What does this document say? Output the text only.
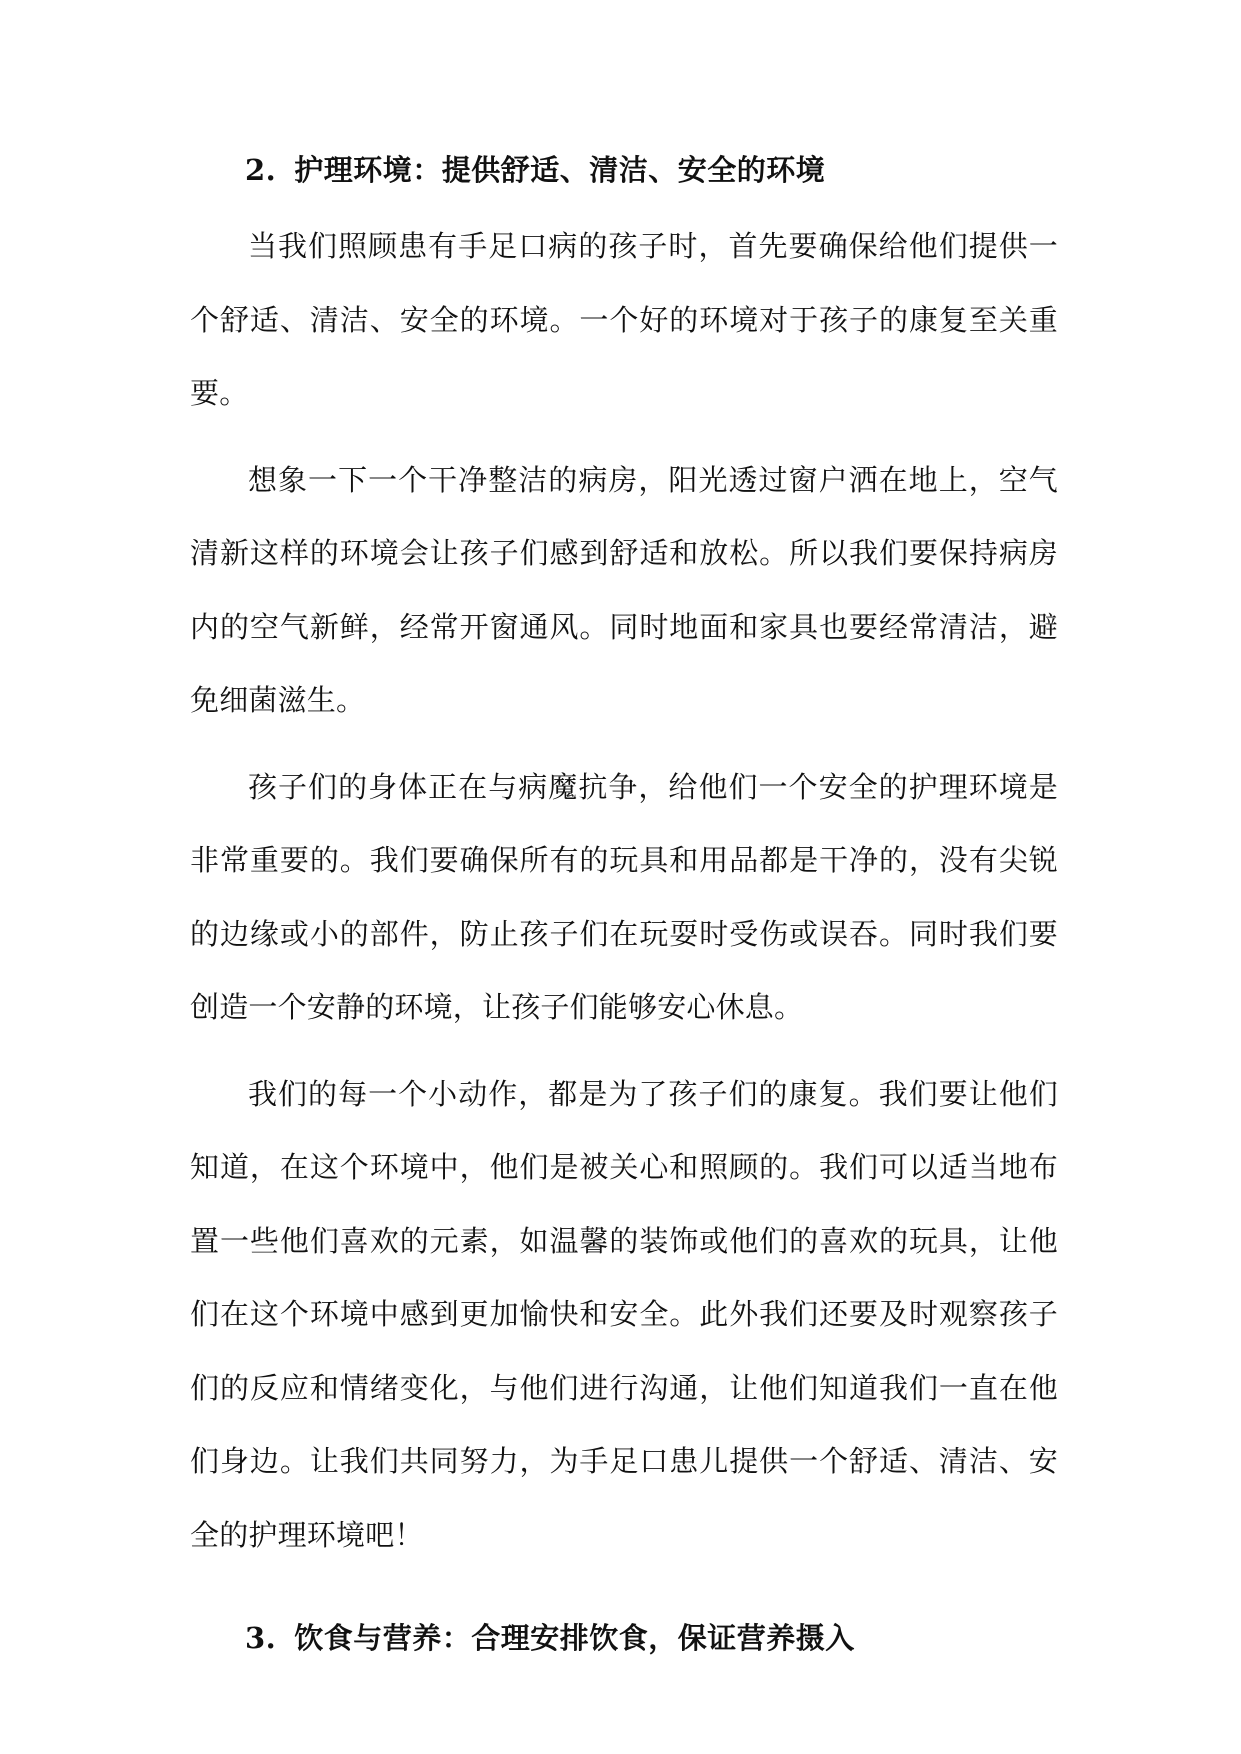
2. 护理环境：提供舒适、清洁、安全的环境

当我们照顾患有手足口病的孩子时，首先要确保给他们提供一个舒适、清洁、安全的环境。一个好的环境对于孩子的康复至关重要。

想象一下一个干净整洁的病房，阳光透过窗户洒在地上，空气清新这样的环境会让孩子们感到舒适和放松。所以我们要保持病房内的空气新鲜，经常开窗通风。同时地面和家具也要经常清洁，避免细菌滋生。

孩子们的身体正在与病魔抗争，给他们一个安全的护理环境是非常重要的。我们要确保所有的玩具和用品都是干净的，没有尖锐的边缘或小的部件，防止孩子们在玩耍时受伤或误吞。同时我们要创造一个安静的环境，让孩子们能够安心休息。

我们的每一个小动作，都是为了孩子们的康复。我们要让他们知道，在这个环境中，他们是被关心和照顾的。我们可以适当地布置一些他们喜欢的元素，如温馨的装饰或他们的喜欢的玩具，让他们在这个环境中感到更加愉快和安全。此外我们还要及时观察孩子们的反应和情绪变化，与他们进行沟通，让他们知道我们一直在他们身边。让我们共同努力，为手足口患儿提供一个舒适、清洁、安全的护理环境吧！

3. 饮食与营养：合理安排饮食，保证营养摄入
